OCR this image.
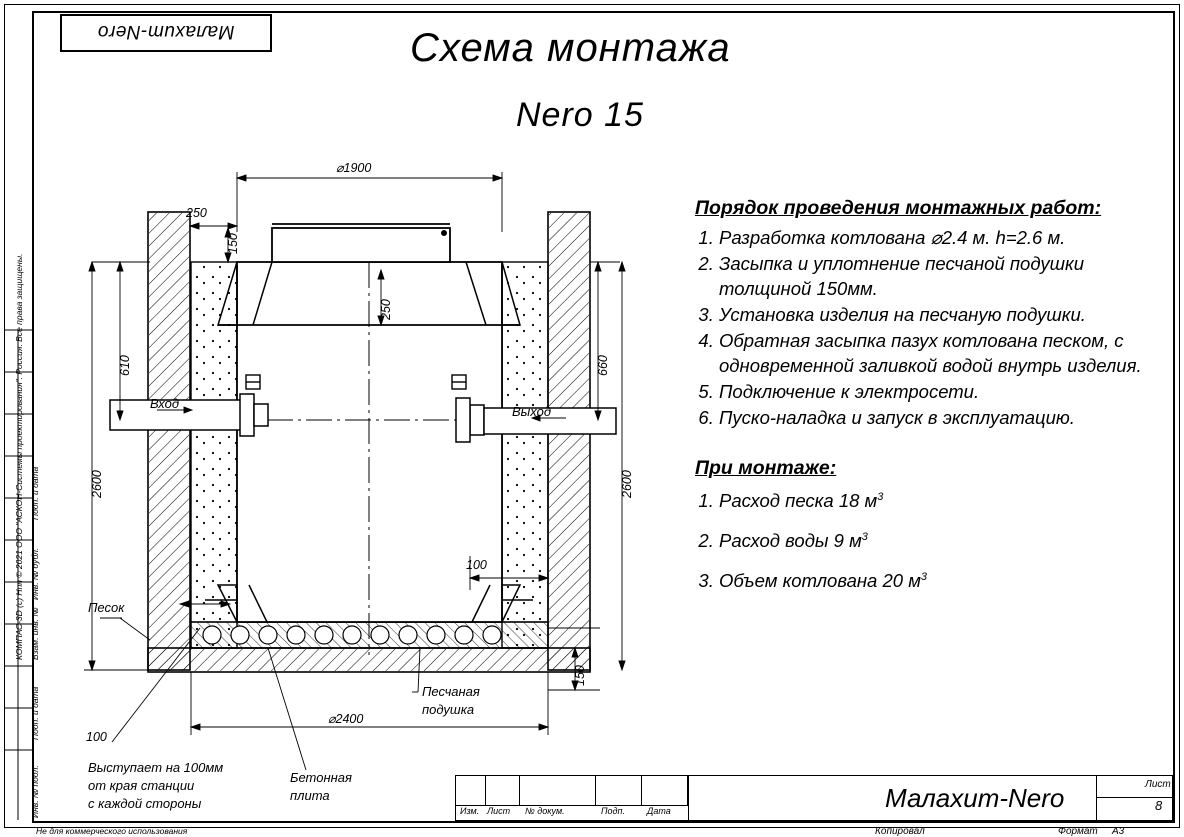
Малахит-Nero	Схема монтажа
Nero 15
⌀1900
250
150
250
610	660
2600	2600
100
⌀2400
100
150
Вход
Выход
Песок
Песчаная
подушка
Бетонная
плита
Выступает на 100мм
от края станции
с каждой стороны
Порядок проведения монтажных работ:
1. Разработка котлована ⌀2.4 м. h=2.6 м.
2. Засыпка и уплотнение песчаной подушки толщиной 150мм.
3. Установка изделия на песчаную подушки.
4. Обратная засыпка пазух котлована песком, с одновременной заливкой водой внутрь изделия.
5. Подключение к электросети.
6. Пуско-наладка и запуск в эксплуатацию.
При монтаже:
1. Расход песка 18 $м^3$
2. Расход воды 9 $м^3$
3. Объем котлована 20 $м^3$
КОМПАС-3D (c) Нпп © 2021 ООО "АСКОН-Системы проектирования". Россия. Все права защищены. Подп. и дата
Инв. № дубл.
Взам. инв. №
Подп. и дата
Инв. № подл.	Изм. Лист № докум.	Подп. Дата	Малахит-Nero	Лист
8
Копировал	Формат А3
Не для коммерческого использования
